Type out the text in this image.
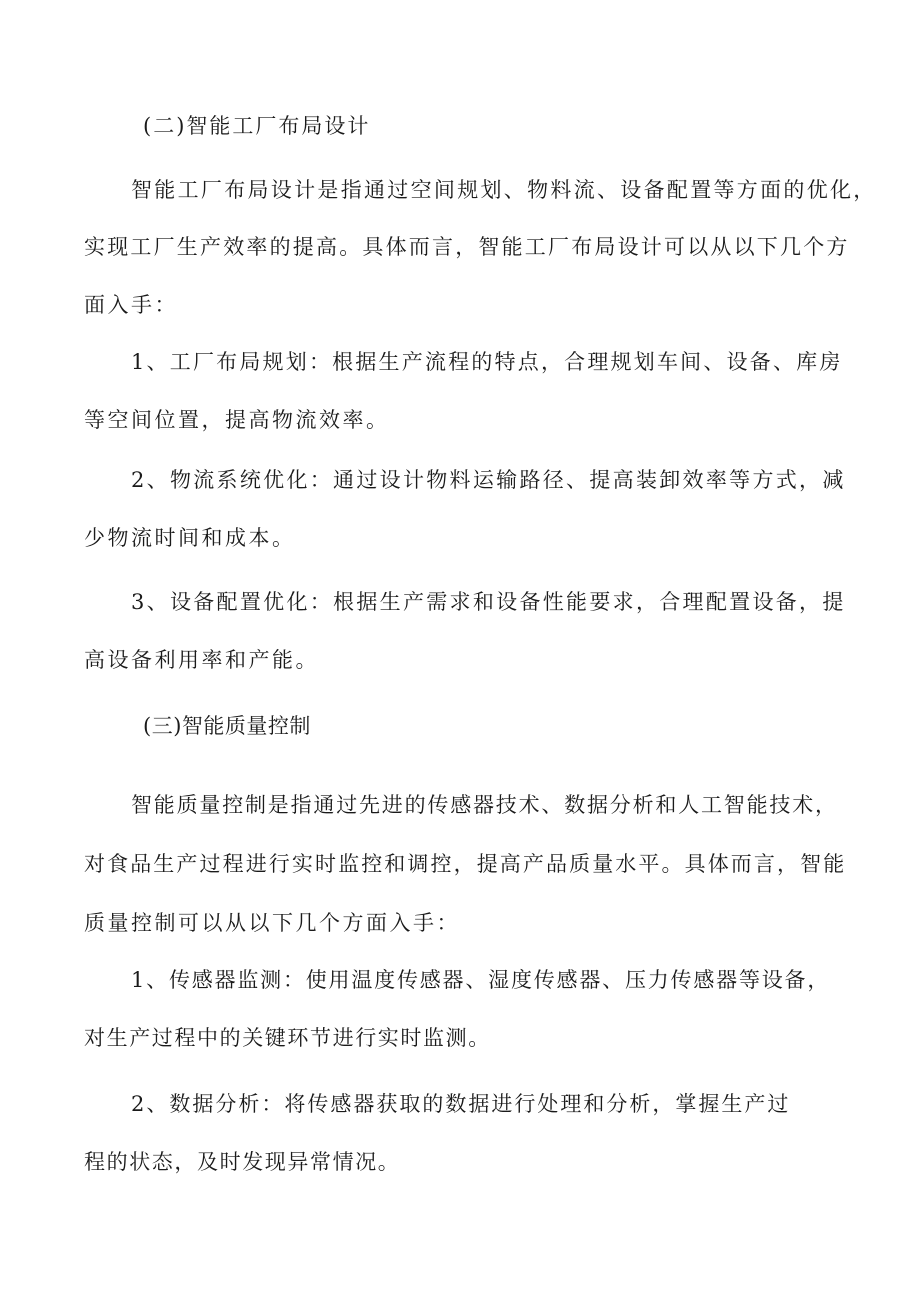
(二)智能工厂布局设计
智能工厂布局设计是指通过空间规划、物料流、设备配置等方面的优化，
实现工厂生产效率的提高。具体而言，智能工厂布局设计可以从以下几个方
面入手：
1、工厂布局规划：根据生产流程的特点，合理规划车间、设备、库房
等空间位置，提高物流效率。
2、物流系统优化：通过设计物料运输路径、提高装卸效率等方式，减
少物流时间和成本。
3、设备配置优化：根据生产需求和设备性能要求，合理配置设备，提
高设备利用率和产能。
(三)智能质量控制
智能质量控制是指通过先进的传感器技术、数据分析和人工智能技术，
对食品生产过程进行实时监控和调控，提高产品质量水平。具体而言，智能
质量控制可以从以下几个方面入手：
1、传感器监测：使用温度传感器、湿度传感器、压力传感器等设备，
对生产过程中的关键环节进行实时监测。
2、数据分析：将传感器获取的数据进行处理和分析，掌握生产过
程的状态，及时发现异常情况。
